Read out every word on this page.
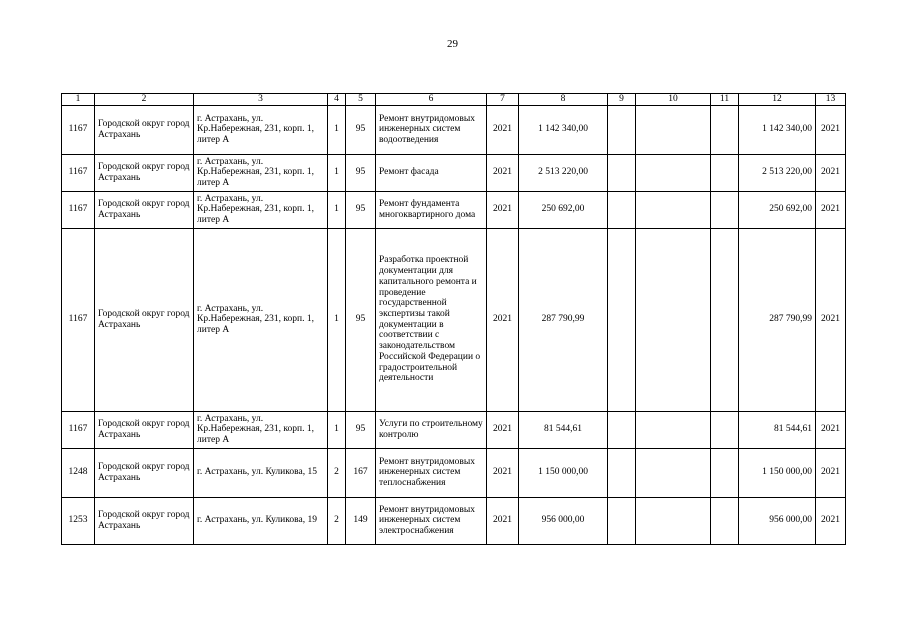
29
1	2	3	4	5	6	7	8	9	10	11	12	13
1167	Городской округ город Астрахань	г. Астрахань, ул. Кр.Набережная, 231, корп. 1, литер А	1	95	Ремонт внутридомовых инженерных систем водоотведения	2021	1 142 340,00				1 142 340,00	2021
1167	Городской округ город Астрахань	г. Астрахань, ул. Кр.Набережная, 231, корп. 1, литер А	1	95	Ремонт фасада	2021	2 513 220,00				2 513 220,00	2021
1167	Городской округ город Астрахань	г. Астрахань, ул. Кр.Набережная, 231, корп. 1, литер А	1	95	Ремонт фундамента многоквартирного дома	2021	250 692,00				250 692,00	2021
1167	Городской округ город Астрахань	г. Астрахань, ул. Кр.Набережная, 231, корп. 1, литер А	1	95	Разработка проектной документации для капитального ремонта и проведение государственной экспертизы такой документации в соответствии с законодательством Российской Федерации о градостроительной деятельности	2021	287 790,99				287 790,99	2021
1167	Городской округ город Астрахань	г. Астрахань, ул. Кр.Набережная, 231, корп. 1, литер А	1	95	Услуги по строительному контролю	2021	81 544,61				81 544,61	2021
1248	Городской округ город Астрахань	г. Астрахань, ул. Куликова, 15	2	167	Ремонт внутридомовых инженерных систем теплоснабжения	2021	1 150 000,00				1 150 000,00	2021
1253	Городской округ город Астрахань	г. Астрахань, ул. Куликова, 19	2	149	Ремонт внутридомовых инженерных систем электроснабжения	2021	956 000,00				956 000,00	2021
